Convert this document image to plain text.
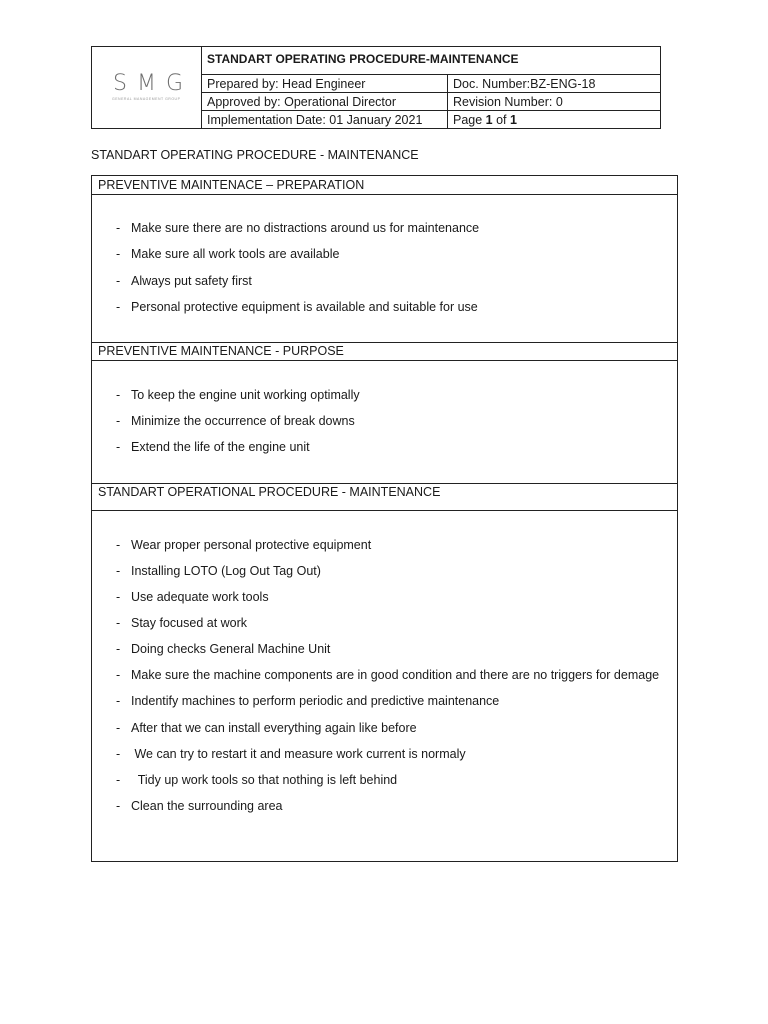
SMG
GENERAL MANAGEMENT GROUP
STANDART OPERATING PROCEDURE-MAINTENANCE
Prepared by: Head Engineer	Doc. Number:BZ-ENG-18
Approved by: Operational Director	Revision Number: 0
Implementation Date: 01 January 2021 Page 1 of 1
STANDART OPERATING PROCEDURE - MAINTENANCE
PREVENTIVE MAINTENACE – PREPARATION
- Make sure there are no distractions around us for maintenance
- Make sure all work tools are available
- Always put safety first
- Personal protective equipment is available and suitable for use
PREVENTIVE MAINTENANCE - PURPOSE
- To keep the engine unit working optimally
- Minimize the occurrence of break downs
- Extend the life of the engine unit
STANDART OPERATIONAL PROCEDURE - MAINTENANCE
- Wear proper personal protective equipment
- Installing LOTO (Log Out Tag Out)
- Use adequate work tools
- Stay focused at work
- Doing checks General Machine Unit
- Make sure the machine components are in good condition and there are no triggers for demage
- Indentify machines to perform periodic and predictive maintenance
- After that we can install everything again like before
- We can try to restart it and measure work current is normaly
-  Tidy up work tools so that nothing is left behind
- Clean the surrounding area
